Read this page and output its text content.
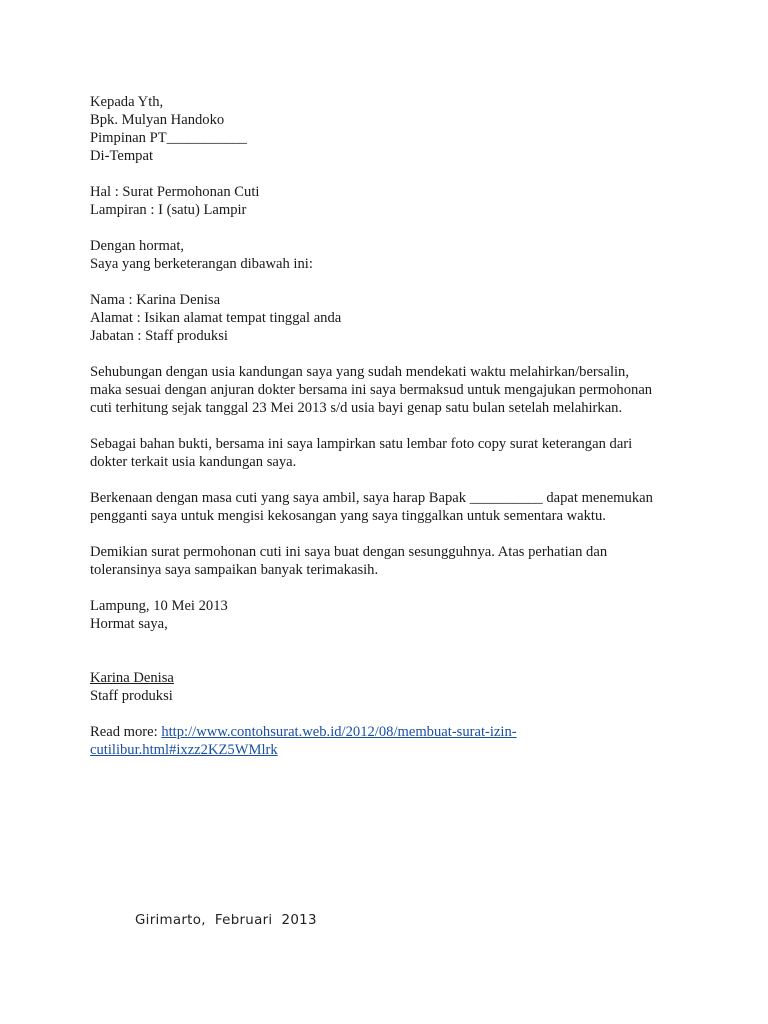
Kepada Yth,
Bpk. Mulyan Handoko
Pimpinan PT___________
Di-Tempat
Hal : Surat Permohonan Cuti
Lampiran : I (satu) Lampir
Dengan hormat,
Saya yang berketerangan dibawah ini:
Nama : Karina Denisa
Alamat : Isikan alamat tempat tinggal anda
Jabatan : Staff produksi
Sehubungan dengan usia kandungan saya yang sudah mendekati waktu melahirkan/bersalin,
maka sesuai dengan anjuran dokter bersama ini saya bermaksud untuk mengajukan permohonan
cuti terhitung sejak tanggal 23 Mei 2013 s/d usia bayi genap satu bulan setelah melahirkan.
Sebagai bahan bukti, bersama ini saya lampirkan satu lembar foto copy surat keterangan dari
dokter terkait usia kandungan saya.
Berkenaan dengan masa cuti yang saya ambil, saya harap Bapak __________ dapat menemukan
pengganti saya untuk mengisi kekosangan yang saya tinggalkan untuk sementara waktu.
Demikian surat permohonan cuti ini saya buat dengan sesungguhnya. Atas perhatian dan
toleransinya saya sampaikan banyak terimakasih.
Lampung, 10 Mei 2013
Hormat saya,
Karina Denisa
Staff produksi
Read more: http://www.contohsurat.web.id/2012/08/membuat-surat-izin-
cutilibur.html#ixzz2KZ5WMlrk
Girimarto,  Februari  2013
